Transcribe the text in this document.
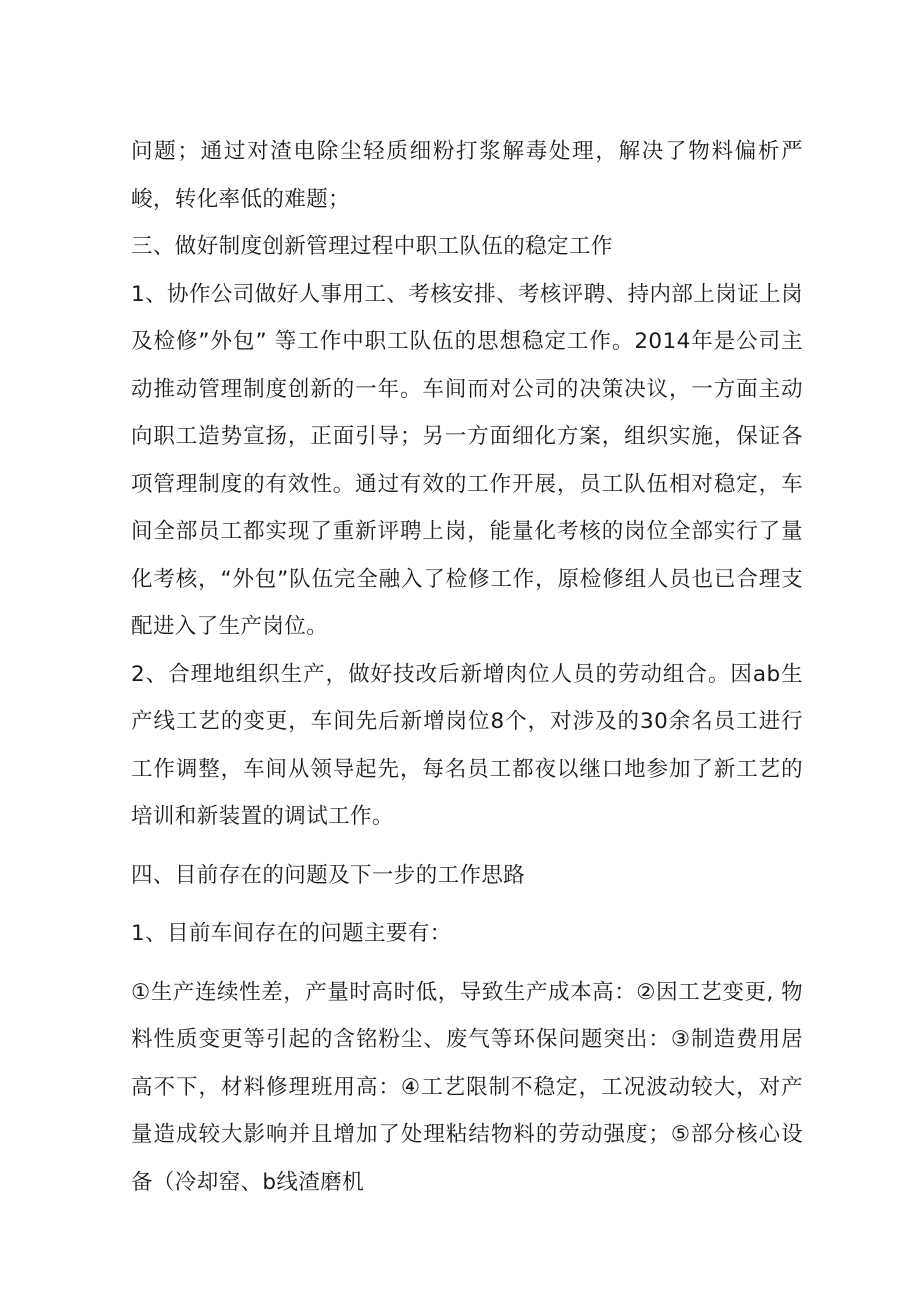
问题；通过对渣电除尘轻质细粉打浆解毒处理，解决了物料偏析严峻，转化率低的难题；

三、做好制度创新管理过程中职工队伍的稳定工作

1、协作公司做好人事用工、考核安排、考核评聘、持内部上岗证上岗及检修”外包” 等工作中职工队伍的思想稳定工作。2014年是公司主动推动管理制度创新的一年。车间而对公司的决策决议，一方面主动向职工造势宣扬，正面引导；另一方面细化方案，组织实施，保证各项管理制度的有效性。通过有效的工作开展，员工队伍相对稳定，车间全部员工都实现了重新评聘上岗，能量化考核的岗位全部实行了量化考核，“外包”队伍完全融入了检修工作，原检修组人员也已合理支配进入了生产岗位。

2、合理地组织生产，做好技改后新增肉位人员的劳动组合。因ab生产线工艺的变更，车间先后新增岗位8个，对涉及的30余名员工进行工作调整，车间从领导起先，每名员工都夜以继口地参加了新工艺的培训和新装置的调试工作。

四、目前存在的问题及下一步的工作思路

1、目前车间存在的问题主要有：

①生产连续性差，产量时高时低，导致生产成本高：②因工艺变更, 物料性质变更等引起的含铭粉尘、废气等环保问题突出：③制造费用居高不下，材料修理班用高：④工艺限制不稳定，工况波动较大，对产量造成较大影响并且增加了处理粘结物料的劳动强度；⑤部分核心设备（冷却窑、b线渣磨机
